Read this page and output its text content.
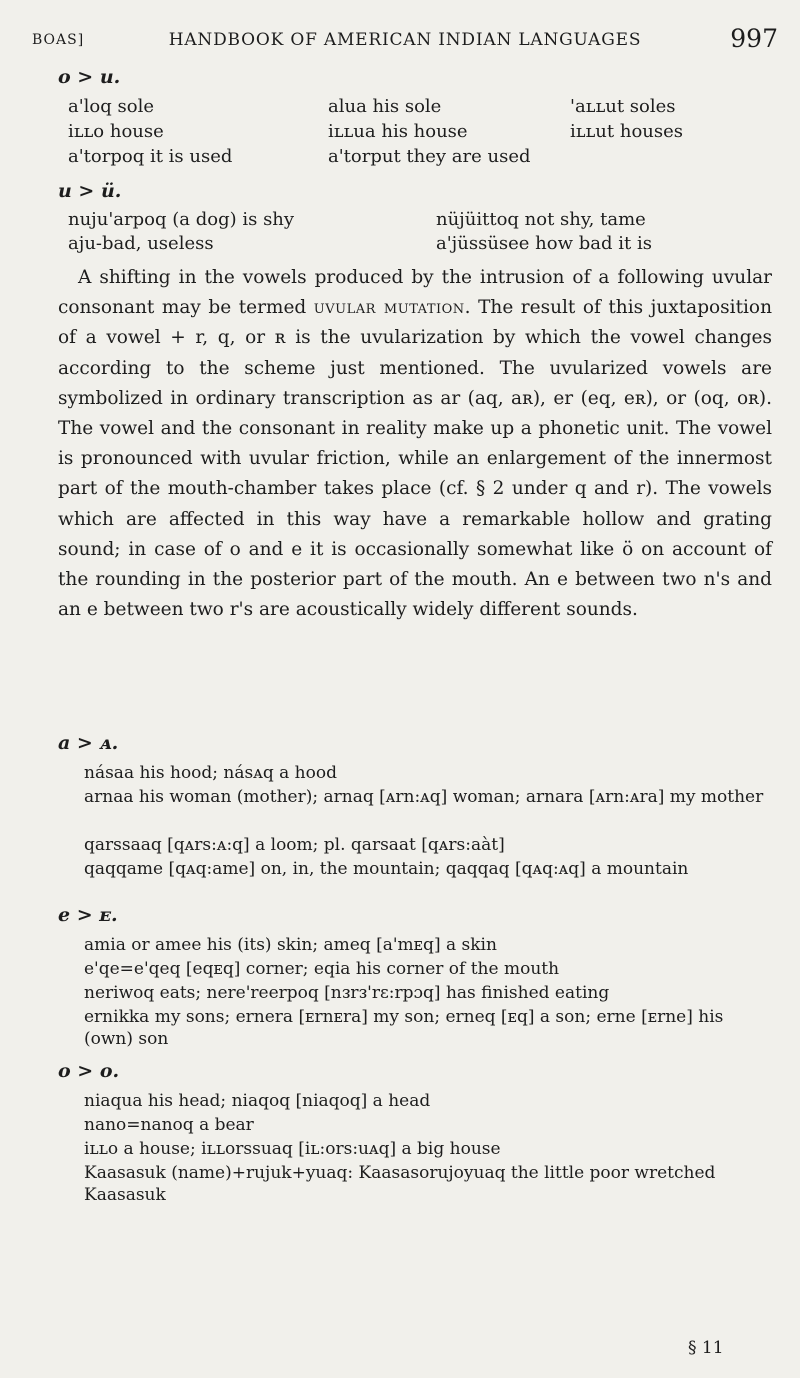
BOAS]	HANDBOOK OF AMERICAN INDIAN LANGUAGES	997
o > u.
a'loq sole	alua his sole	'aʟʟut soles
iʟʟo house	iʟʟua his house	iʟʟut houses
a'torpoq it is used	a'torput they are used
u > ü.
nuju'arpoq (a dog) is shy	nüjüittoq not shy, tame
aju-bad, useless	a'jüssüsee how bad it is
A shifting in the vowels produced by the intrusion of a following uvular consonant may be termed uvular mutation. The result of this juxtaposition of a vowel + r, q, or ʀ is the uvularization by which the vowel changes according to the scheme just mentioned. The uvularized vowels are symbolized in ordinary transcription as ar (aq, aʀ), er (eq, eʀ), or (oq, oʀ). The vowel and the consonant in reality make up a phonetic unit. The vowel is pronounced with uvular friction, while an enlargement of the innermost part of the mouth-chamber takes place (cf. § 2 under q and r). The vowels which are affected in this way have a remarkable hollow and grating sound; in case of o and e it is occasionally somewhat like ö on account of the rounding in the posterior part of the mouth. An e between two n's and an e between two r's are acoustically widely different sounds.
a > ᴀ.
násaa his hood; násᴀq a hood
arnaa his woman (mother); arnaq [ᴀrn:ᴀq] woman; arnara [ᴀrn:ᴀra] my mother
qarssaaq [qᴀrs:ᴀ:q] a loom; pl. qarsaat [qᴀrs:aàt]
qaqqame [qᴀq:ame] on, in, the mountain; qaqqaq [qᴀq:ᴀq] a mountain
e > ᴇ.
amia or amee his (its) skin; ameq [a'mᴇq] a skin
e'qe=e'qeq [eqᴇq] corner; eqia his corner of the mouth
neriwoq eats; nere'reerpoq [nᴈrᴈ'rɛ:rpɔq] has finished eating
ernikka my sons; ernera [ᴇrnᴇra] my son; erneq [ᴇq] a son; erne [ᴇrne] his (own) son
o > ᴏ.
niaqua his head; niaqoq [niaqᴏq] a head
nano=nanoq a bear
iʟʟo a house; iʟʟorssuaq [iʟ:ᴏrs:uᴀq] a big house
Kaasasuk (name)+rujuk+yuaq: Kaasasorujoyuaq the little poor wretched Kaasasuk
§ 11
